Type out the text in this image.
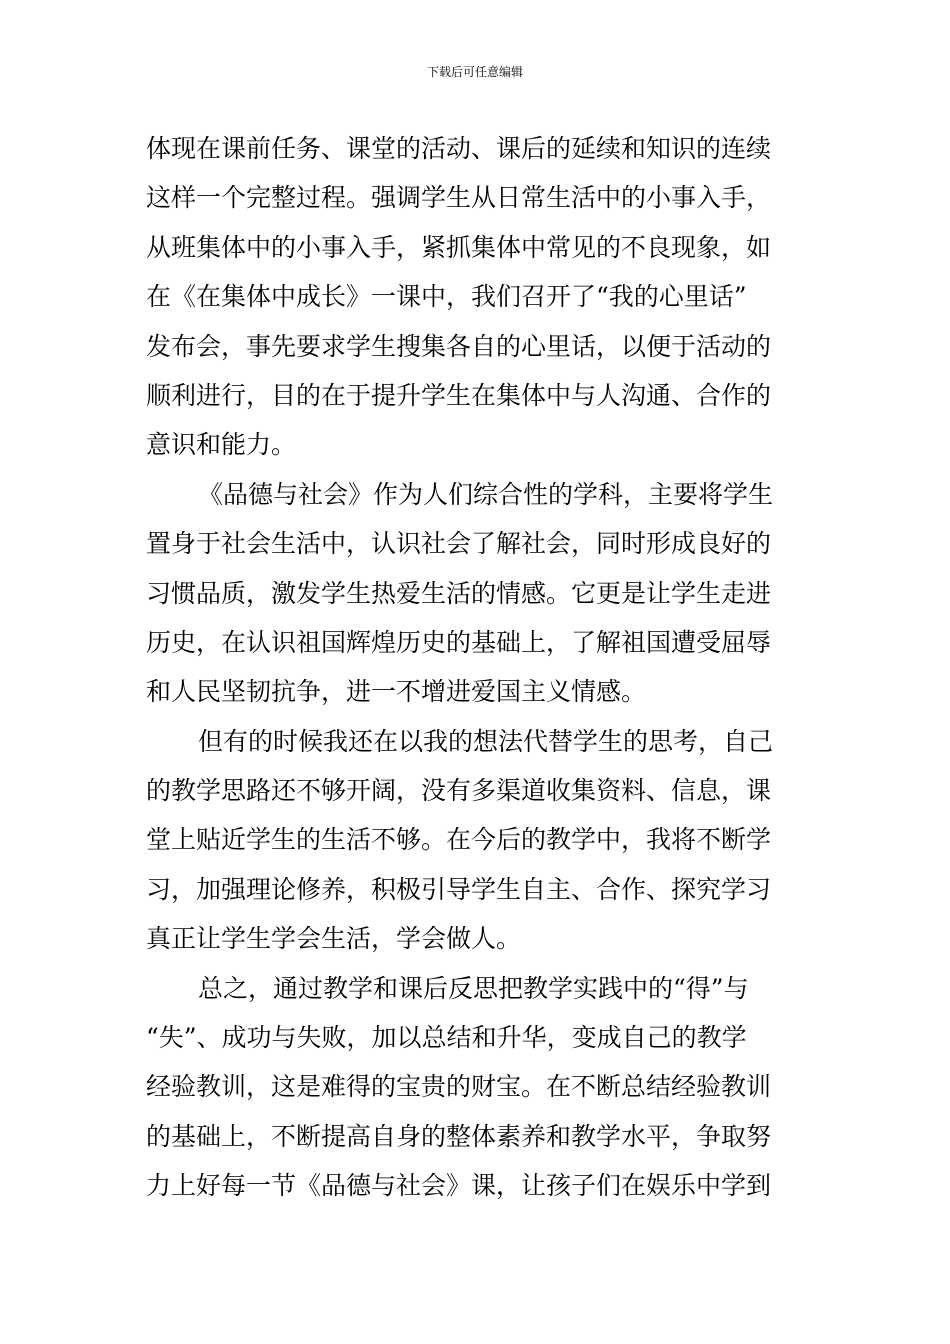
下载后可任意编辑
体现在课前任务、课堂的活动、课后的延续和知识的连续
这样一个完整过程。强调学生从日常生活中的小事入手，
从班集体中的小事入手，紧抓集体中常见的不良现象，如
在《在集体中成长》一课中，我们召开了“我的心里话”
发布会，事先要求学生搜集各自的心里话，以便于活动的
顺利进行，目的在于提升学生在集体中与人沟通、合作的
意识和能力。
《品德与社会》作为人们综合性的学科，主要将学生
置身于社会生活中，认识社会了解社会，同时形成良好的
习惯品质，激发学生热爱生活的情感。它更是让学生走进
历史，在认识祖国辉煌历史的基础上，了解祖国遭受屈辱
和人民坚韧抗争，进一不增进爱国主义情感。
但有的时候我还在以我的想法代替学生的思考，自己
的教学思路还不够开阔，没有多渠道收集资料、信息，课
堂上贴近学生的生活不够。在今后的教学中，我将不断学
习，加强理论修养，积极引导学生自主、合作、探究学习
真正让学生学会生活，学会做人。
总之，通过教学和课后反思把教学实践中的“得”与
“失”、成功与失败，加以总结和升华，变成自己的教学
经验教训，这是难得的宝贵的财宝。在不断总结经验教训
的基础上，不断提高自身的整体素养和教学水平，争取努
力上好每一节《品德与社会》课，让孩子们在娱乐中学到
